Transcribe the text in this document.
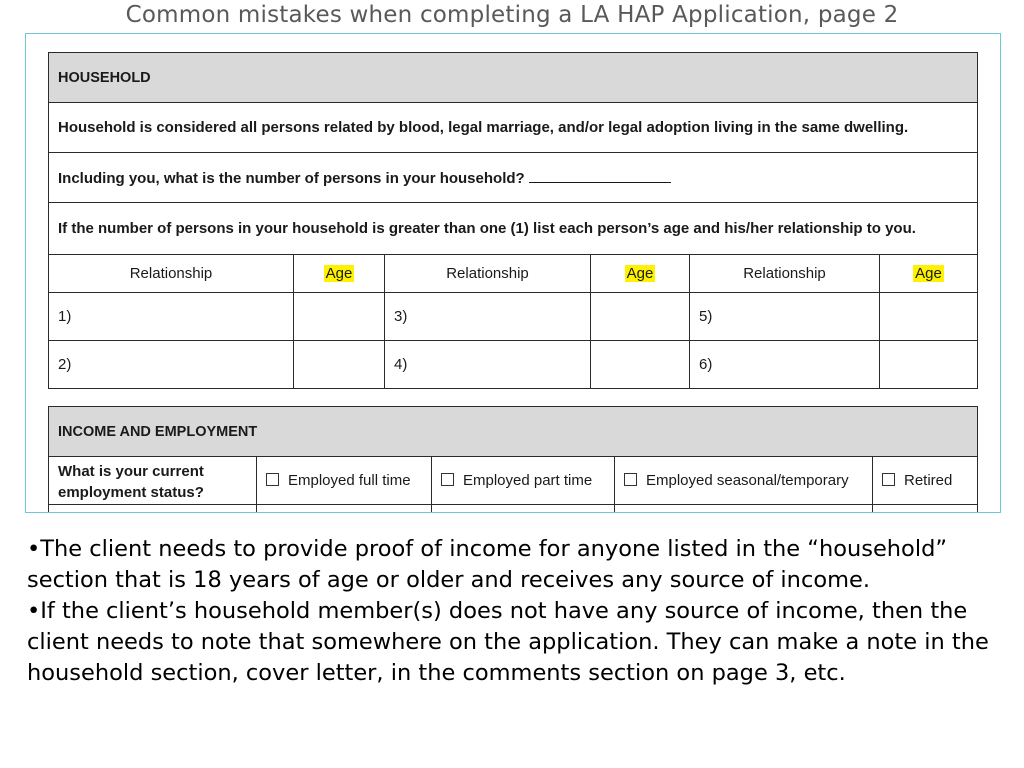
Common mistakes when completing a LA HAP Application, page 2
HOUSEHOLD					
Household is considered all persons related by blood, legal marriage, and/or legal adoption living in the same dwelling.					
Including you, what is the number of persons in your household?					
If the number of persons in your household is greater than one (1) list each person’s age and his/her relationship to you.					
Relationship	Age	Relationship	Age	Relationship	Age
1)		3)		5)	
2)		4)		6)	
INCOME AND EMPLOYMENT				
What is your current employment status?	Employed full time	Employed part time	Employed seasonal/temporary	Retired

•The client needs to provide proof of income for anyone listed in the “household” section that is 18 years of age or older and receives any source of income.

•If the client’s household member(s) does not have any source of income, then the client needs to note that somewhere on the application. They can make a note in the household section, cover letter, in the comments section on page 3, etc.
